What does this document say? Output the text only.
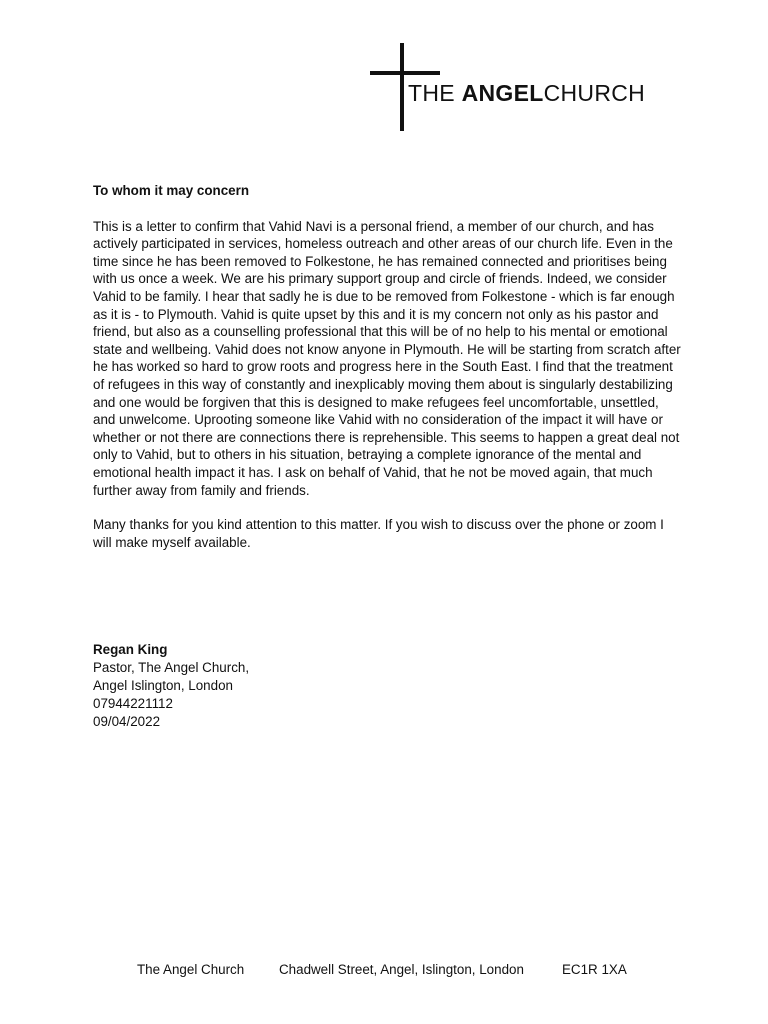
THE ANGELCHURCH

To whom it may concern

This is a letter to confirm that Vahid Navi is a personal friend, a member of our church, and has actively participated in services, homeless outreach and other areas of our church life. Even in the time since he has been removed to Folkestone, he has remained connected and prioritises being with us once a week. We are his primary support group and circle of friends. Indeed, we consider Vahid to be family. I hear that sadly he is due to be removed from Folkestone - which is far enough as it is - to Plymouth. Vahid is quite upset by this and it is my concern not only as his pastor and friend, but also as a counselling professional that this will be of no help to his mental or emotional state and wellbeing. Vahid does not know anyone in Plymouth. He will be starting from scratch after he has worked so hard to grow roots and progress here in the South East. I find that the treatment of refugees in this way of constantly and inexplicably moving them about is singularly destabilizing and one would be forgiven that this is designed to make refugees feel uncomfortable, unsettled, and unwelcome. Uprooting someone like Vahid with no consideration of the impact it will have or whether or not there are connections there is reprehensible. This seems to happen a great deal not only to Vahid, but to others in his situation, betraying a complete ignorance of the mental and emotional health impact it has. I ask on behalf of Vahid, that he not be moved again, that much further away from family and friends.

Many thanks for you kind attention to this matter. If you wish to discuss over the phone or zoom I will make myself available.

Regan King
Pastor, The Angel Church,
Angel Islington, London
07944221112
09/04/2022
The Angel Church	Chadwell Street, Angel, Islington, London	EC1R 1XA
